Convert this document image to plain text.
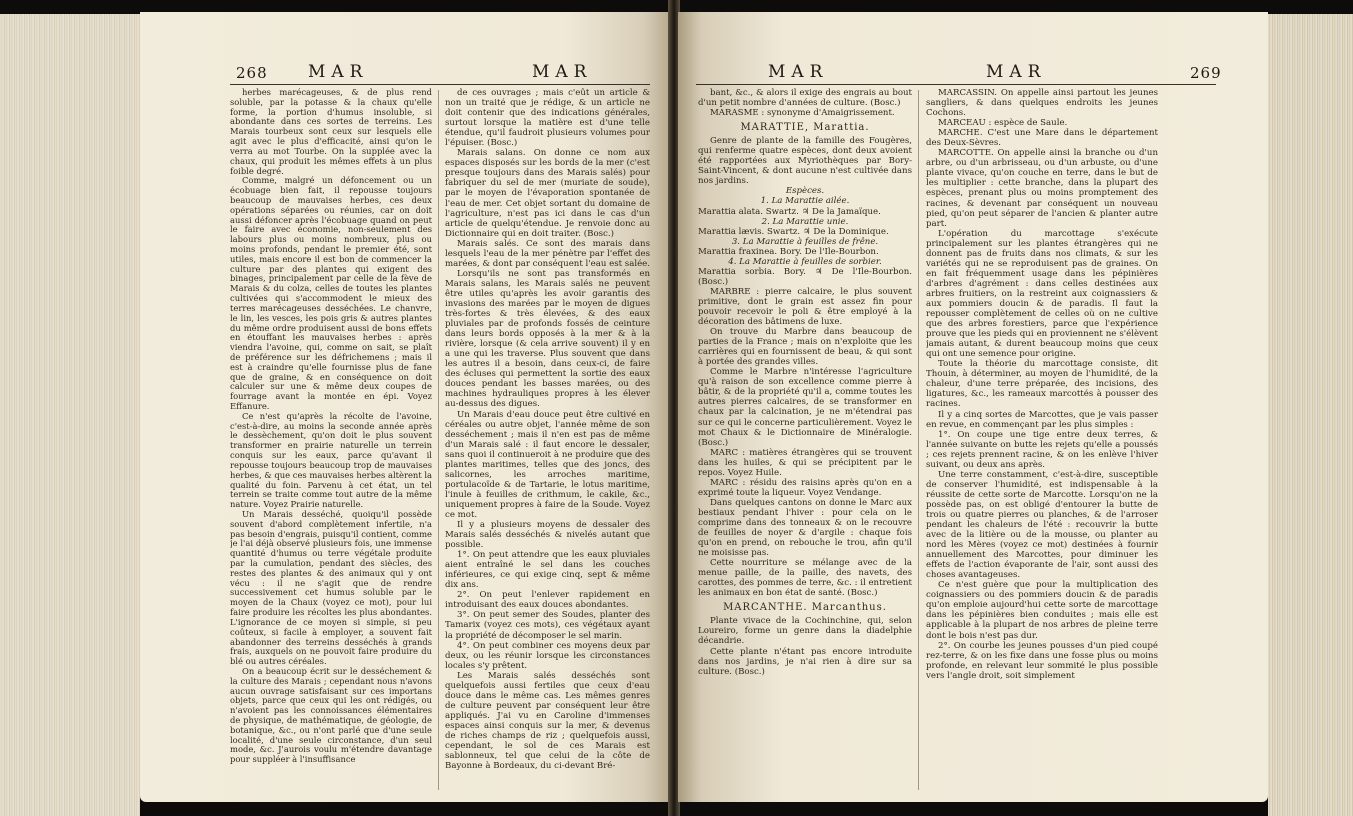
268 MAR	MAR

herbes marécageuses, & de plus rend soluble, par la potasse & la chaux qu'elle forme, la portion d'humus insoluble, si abondante dans ces sortes de terreins. Les Marais tourbeux sont ceux sur lesquels elle agit avec le plus d'efficacité, ainsi qu'on le verra au mot Tourbe. On la supplée avec la chaux, qui produit les mêmes effets à un plus foible degré.

Comme, malgré un défoncement ou un écobuage bien fait, il repousse toujours beaucoup de mauvaises herbes, ces deux opérations séparées ou réunies, car on doit aussi défoncer après l'écobuage quand on peut le faire avec économie, non-seulement des labours plus ou moins nombreux, plus ou moins profonds, pendant le premier été, sont utiles, mais encore il est bon de commencer la culture par des plantes qui exigent des binages, principalement par celle de la fève de Marais & du colza, celles de toutes les plantes cultivées qui s'accommodent le mieux des terres marécageuses desséchées. Le chanvre, le lin, les vesces, les pois gris & autres plantes du même ordre produisent aussi de bons effets en étouffant les mauvaises herbes : après viendra l'avoine, qui, comme on sait, se plaît de préférence sur les défrichemens ; mais il est à craindre qu'elle fournisse plus de fane que de graine, & en conséquence on doit calculer sur une & même deux coupes de fourrage avant la montée en épi. Voyez Effanure.

Ce n'est qu'après la récolte de l'avoine, c'est-à-dire, au moins la seconde année après le dessèchement, qu'on doit le plus souvent transformer en prairie naturelle un terrein conquis sur les eaux, parce qu'avant il repousse toujours beaucoup trop de mauvaises herbes, & que ces mauvaises herbes altèrent la qualité du foin. Parvenu à cet état, un tel terrein se traite comme tout autre de la même nature. Voyez Prairie naturelle.

Un Marais desséché, quoiqu'il possède souvent d'abord complètement infertile, n'a pas besoin d'engrais, puisqu'il contient, comme je l'ai déjà observé plusieurs fois, une immense quantité d'humus ou terre végétale produite par la cumulation, pendant des siècles, des restes des plantes & des animaux qui y ont vécu : il ne s'agit que de rendre successivement cet humus soluble par le moyen de la Chaux (voyez ce mot), pour lui faire produire les récoltes les plus abondantes. L'ignorance de ce moyen si simple, si peu coûteux, si facile à employer, a souvent fait abandonner des terreins desséchés à grands frais, auxquels on ne pouvoit faire produire du blé ou autres céréales.

On a beaucoup écrit sur le desséchement & la culture des Marais ; cependant nous n'avons aucun ouvrage satisfaisant sur ces importans objets, parce que ceux qui les ont rédigés, ou n'avoient pas les connoissances élémentaires de physique, de mathématique, de géologie, de botanique, &c., ou n'ont parlé que d'une seule localité, d'une seule circonstance, d'un seul mode, &c. J'aurois voulu m'étendre davantage pour suppléer à l'insuffisance

de ces ouvrages ; mais c'eût un article & non un traité que je rédige, & un article ne doit contenir que des indications générales, surtout lorsque la matière est d'une telle étendue, qu'il faudroit plusieurs volumes pour l'épuiser. (Bosc.)

Marais salans. On donne ce nom aux espaces disposés sur les bords de la mer (c'est presque toujours dans des Marais salés) pour fabriquer du sel de mer (muriate de soude), par le moyen de l'évaporation spontanée de l'eau de mer. Cet objet sortant du domaine de l'agriculture, n'est pas ici dans le cas d'un article de quelqu'étendue. Je renvoie donc au Dictionnaire qui en doit traiter. (Bosc.)

Marais salés. Ce sont des marais dans lesquels l'eau de la mer pénètre par l'effet des marées, & dont par conséquent l'eau est salée.

Lorsqu'ils ne sont pas transformés en Marais salans, les Marais salés ne peuvent être utiles qu'après les avoir garantis des invasions des marées par le moyen de digues très-fortes & très élevées, & des eaux pluviales par de profonds fossés de ceinture dans leurs bords opposés à la mer & à la rivière, lorsque (& cela arrive souvent) il y en a une qui les traverse. Plus souvent que dans les autres il a besoin, dans ceux-ci, de faire des écluses qui permettent la sortie des eaux douces pendant les basses marées, ou des machines hydrauliques propres à les élever au-dessus des digues.

Un Marais d'eau douce peut être cultivé en céréales ou autre objet, l'année même de son desséchement ; mais il n'en est pas de même d'un Marais salé : il faut encore le dessaler, sans quoi il continueroit à ne produire que des plantes maritimes, telles que des joncs, des salicornes, les arroches maritime, portulacoïde & de Tartarie, le lotus maritime, l'inule à feuilles de crithmum, le cakile, &c., uniquement propres à faire de la Soude. Voyez ce mot.

Il y a plusieurs moyens de dessaler des Marais salés desséchés & nivelés autant que possible.

1°. On peut attendre que les eaux pluviales aient entraîné le sel dans les couches inférieures, ce qui exige cinq, sept & même dix ans.

2°. On peut l'enlever rapidement en introduisant des eaux douces abondantes.

3°. On peut semer des Soudes, planter des Tamarix (voyez ces mots), ces végétaux ayant la propriété de décomposer le sel marin.

4°. On peut combiner ces moyens deux par deux, ou les réunir lorsque les circonstances locales s'y prêtent.

Les Marais salés desséchés sont quelquefois aussi fertiles que ceux d'eau douce dans le même cas. Les mêmes genres de culture peuvent par conséquent leur être appliqués. J'ai vu en Caroline d'immenses espaces ainsi conquis sur la mer, & devenus de riches champs de riz ; quelquefois aussi, cependant, le sol de ces Marais est sablonneux, tel que celui de la côte de Bayonne à Bordeaux, du ci-devant Bré-

MAR	MAR	269

bant, &c., & alors il exige des engrais au bout d'un petit nombre d'années de culture. (Bosc.)

MARASME : synonyme d'Amaigrissement.

MARATTIE, Marattia.

Genre de plante de la famille des Fougères, qui renferme quatre espèces, dont deux avoient été rapportées aux Myriothèques par Bory-Saint-Vincent, & dont aucune n'est cultivée dans nos jardins.

Espèces.

1. La Marattie ailée.

Marattia alata. Swartz. ♃ De la Jamaïque.

2. La Marattie unie.

Marattia lævis. Swartz. ♃ De la Dominique.

3. La Marattie à feuilles de frêne.

Marattia fraxinea. Bory. De l'Ile-Bourbon.

4. La Marattie à feuilles de sorbier.

Marattia sorbia. Bory. ♃ De l'Ile-Bourbon. (Bosc.)

MARBRE : pierre calcaire, le plus souvent primitive, dont le grain est assez fin pour pouvoir recevoir le poli & être employé à la décoration des bâtimens de luxe.

On trouve du Marbre dans beaucoup de parties de la France ; mais on n'exploite que les carrières qui en fournissent de beau, & qui sont à portée des grandes villes.

Comme le Marbre n'intéresse l'agriculture qu'à raison de son excellence comme pierre à bâtir, & de la propriété qu'il a, comme toutes les autres pierres calcaires, de se transformer en chaux par la calcination, je ne m'étendrai pas sur ce qui le concerne particulièrement. Voyez le mot Chaux & le Dictionnaire de Minéralogie. (Bosc.)

MARC : matières étrangères qui se trouvent dans les huiles, & qui se précipitent par le repos. Voyez Huile.

MARC : résidu des raisins après qu'on en a exprimé toute la liqueur. Voyez Vendange.

Dans quelques cantons on donne le Marc aux bestiaux pendant l'hiver : pour cela on le comprime dans des tonneaux & on le recouvre de feuilles de noyer & d'argile : chaque fois qu'on en prend, on rebouche le trou, afin qu'il ne moisisse pas.

Cette nourriture se mélange avec de la menue paille, de la paille, des navets, des carottes, des pommes de terre, &c. : il entretient les animaux en bon état de santé. (Bosc.)

MARCANTHE. Marcanthus.

Plante vivace de la Cochinchine, qui, selon Loureiro, forme un genre dans la diadelphie décandrie.

Cette plante n'étant pas encore introduite dans nos jardins, je n'ai rien à dire sur sa culture. (Bosc.)

MARCASSIN. On appelle ainsi partout les jeunes sangliers, & dans quelques endroits les jeunes Cochons.

MARCEAU : espèce de Saule.

MARCHE. C'est une Mare dans le département des Deux-Sèvres.

MARCOTTE. On appelle ainsi la branche ou d'un arbre, ou d'un arbrisseau, ou d'un arbuste, ou d'une plante vivace, qu'on couche en terre, dans le but de les multiplier : cette branche, dans la plupart des espèces, prenant plus ou moins promptement des racines, & devenant par conséquent un nouveau pied, qu'on peut séparer de l'ancien & planter autre part.

L'opération du marcottage s'exécute principalement sur les plantes étrangères qui ne donnent pas de fruits dans nos climats, & sur les variétés qui ne se reproduisent pas de graines. On en fait fréquemment usage dans les pépinières d'arbres d'agrément : dans celles destinées aux arbres fruitiers, on la restreint aux coignassiers & aux pommiers doucin & de paradis. Il faut la repousser complètement de celles où on ne cultive que des arbres forestiers, parce que l'expérience prouve que les pieds qui en proviennent ne s'élèvent jamais autant, & durent beaucoup moins que ceux qui ont une semence pour origine.

Toute la théorie du marcottage consiste, dit Thouin, à déterminer, au moyen de l'humidité, de la chaleur, d'une terre préparée, des incisions, des ligatures, &c., les rameaux marcottés à pousser des racines.

Il y a cinq sortes de Marcottes, que je vais passer en revue, en commençant par les plus simples :

1°. On coupe une tige entre deux terres, & l'année suivante on butte les rejets qu'elle a poussés ; ces rejets prennent racine, & on les enlève l'hiver suivant, ou deux ans après.

Une terre constamment, c'est-à-dire, susceptible de conserver l'humidité, est indispensable à la réussite de cette sorte de Marcotte. Lorsqu'on ne la possède pas, on est obligé d'entourer la butte de trois ou quatre pierres ou planches, & de l'arroser pendant les chaleurs de l'été : recouvrir la butte avec de la litière ou de la mousse, ou planter au nord les Mères (voyez ce mot) destinées à fournir annuellement des Marcottes, pour diminuer les effets de l'action évaporante de l'air, sont aussi des choses avantageuses.

Ce n'est guère que pour la multiplication des coignassiers ou des pommiers doucin & de paradis qu'on emploie aujourd'hui cette sorte de marcottage dans les pépinières bien conduites ; mais elle est applicable à la plupart de nos arbres de pleine terre dont le bois n'est pas dur.

2°. On courbe les jeunes pousses d'un pied coupé rez-terre, & on les fixe dans une fosse plus ou moins profonde, en relevant leur sommité le plus possible vers l'angle droit, soit simplement
